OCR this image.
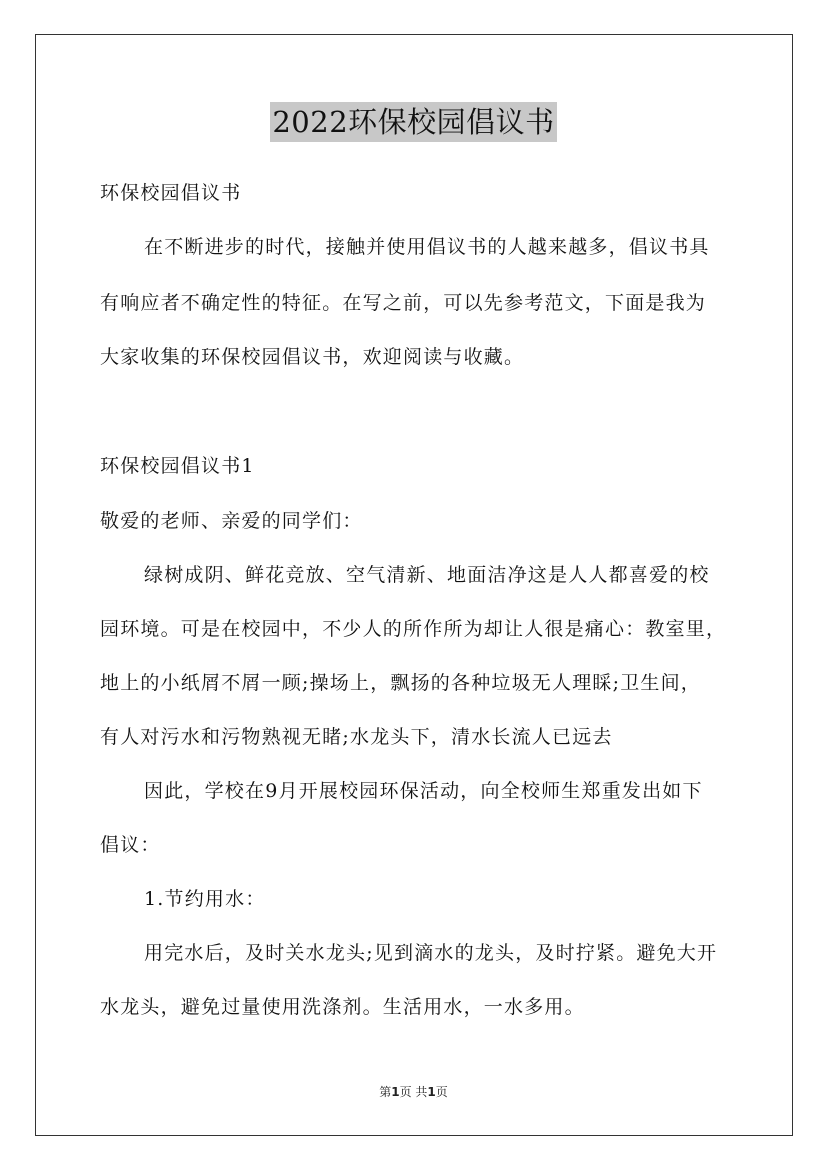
2022环保校园倡议书
环保校园倡议书
在不断进步的时代，接触并使用倡议书的人越来越多，倡议书具
有响应者不确定性的特征。在写之前，可以先参考范文，下面是我为
大家收集的环保校园倡议书，欢迎阅读与收藏。
环保校园倡议书1
敬爱的老师、亲爱的同学们：
绿树成阴、鲜花竞放、空气清新、地面洁净这是人人都喜爱的校
园环境。可是在校园中，不少人的所作所为却让人很是痛心：教室里，
地上的小纸屑不屑一顾;操场上，飘扬的各种垃圾无人理睬;卫生间，
有人对污水和污物熟视无睹;水龙头下，清水长流人已远去
因此，学校在9月开展校园环保活动，向全校师生郑重发出如下
倡议：
1.节约用水：
用完水后，及时关水龙头;见到滴水的龙头，及时拧紧。避免大开
水龙头，避免过量使用洗涤剂。生活用水，一水多用。
第1页 共1页
